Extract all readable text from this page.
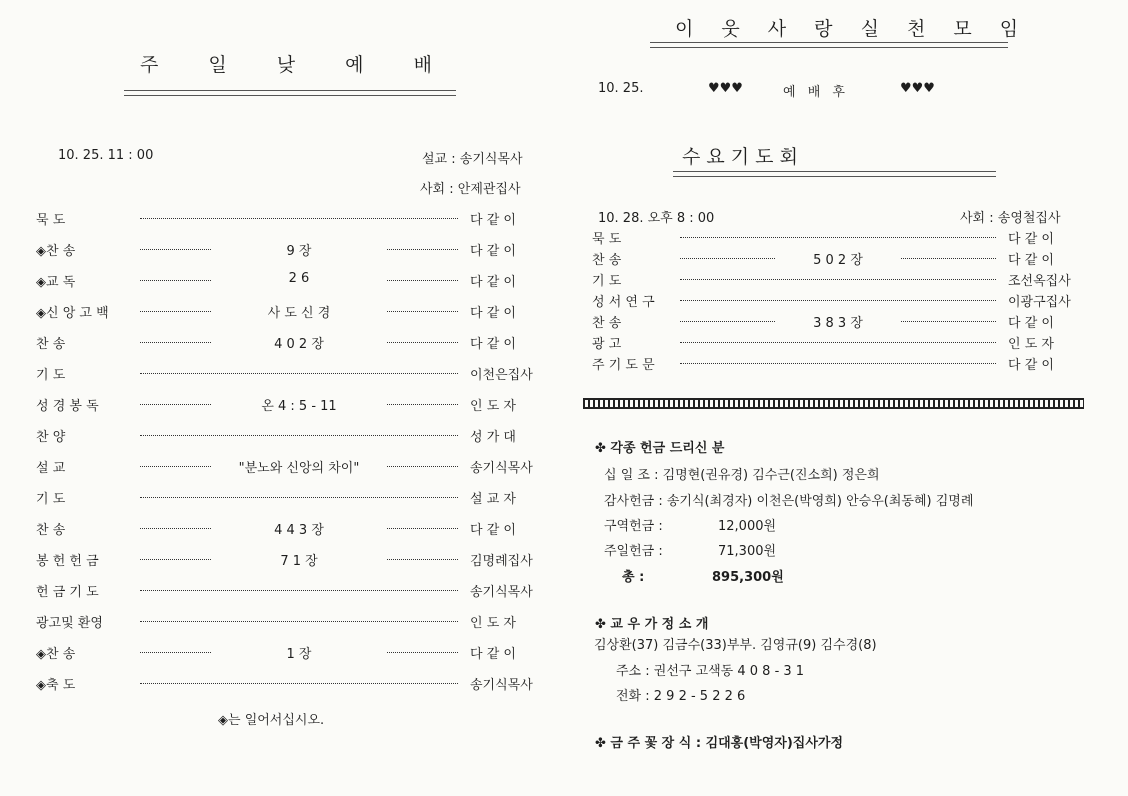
주 일 낮 예 배
10. 25. 11 : 00	설교 : 송기식목사
사회 : 안제관집사
묵 도	다 같 이
◈찬 송	9 장	다 같 이
◈교 독	2 6	다 같 이
◈신 앙 고 백	사 도 신 경	다 같 이
찬 송	4 0 2 장	다 같 이
기 도	이천은집사
성 경 봉 독	온 4 : 5 - 11	인 도 자
찬 양	성 가 대
설 교	"분노와 신앙의 차이"	송기식목사
기 도	설 교 자
찬 송	4 4 3 장	다 같 이
봉 헌 헌 금	7 1 장	김명례집사
헌 금 기 도	송기식목사
광고및 환영	인 도 자
◈찬 송	1 장	다 같 이
◈축 도	송기식목사
◈는 일어서십시오.
이 웃 사 랑 실 천 모 임
10. 25.	♥♥♥	예 배 후	♥♥♥
수 요 기 도 회
10. 28. 오후 8 : 00	사회 : 송영철집사
묵 도	다 같 이
찬 송	5 0 2 장	다 같 이
기 도	조선옥집사
성 서 연 구	이광구집사
찬 송	3 8 3 장	다 같 이
광 고	인 도 자
주 기 도 문	다 같 이
✤ 각종 헌금 드리신 분
십 일 조 : 김명현(권유경) 김수근(진소희) 정은희
감사헌금 : 송기식(최경자) 이천은(박영희) 안승우(최동혜) 김명례
구역헌금 :	12,000원
주일헌금 :	71,300원
총 :	895,300원
✤ 교 우 가 정 소 개
김상환(37) 김금수(33)부부. 김영규(9) 김수경(8)
주소 : 권선구 고색동 4 0 8 - 3 1
전화 : 2 9 2 - 5 2 2 6
✤ 금 주 꽃 장 식 : 김대홍(박영자)집사가정
